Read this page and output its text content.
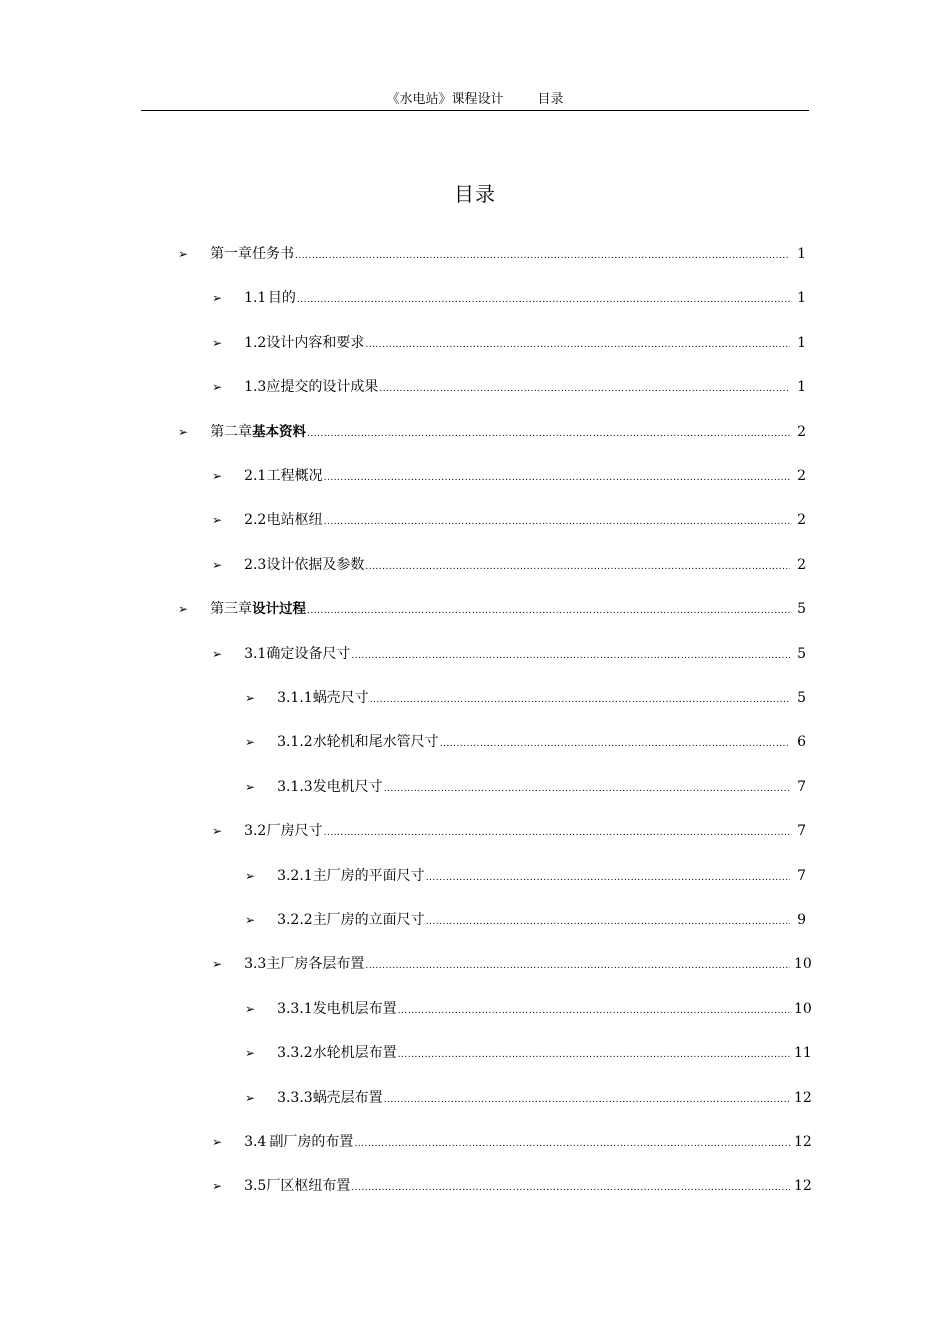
《水电站》课程设计	目录
目录
➢ 第一章 任务书 .....	1
➢ 1.1 目的 .....	1
➢ 1.2 设计内容和要求 .....	1
➢ 1.3 应提交的设计成果 .....	1
➢ 第二章 基本资料 .....	2
➢ 2.1 工程概况 .....	2
➢ 2.2 电站枢纽 .....	2
➢ 2.3 设计依据及参数 .....	2
➢ 第三章 设计过程 .....	5
➢ 3.1 确定设备尺寸 .....	5
➢ 3.1.1 蜗壳尺寸 .....	5
➢ 3.1.2 水轮机和尾水管尺寸 .....	6
➢ 3.1.3 发电机尺寸 .....	7
➢ 3.2 厂房尺寸 .....	7
➢ 3.2.1 主厂房的平面尺寸 .....	7
➢ 3.2.2 主厂房的立面尺寸 .....	9
➢ 3.3 主厂房各层布置 .....	10
➢ 3.3.1 发电机层布置 .....	10
➢ 3.3.2 水轮机层布置 .....	11
➢ 3.3.3 蜗壳层布置 .....	12
➢ 3.4 副厂房的布置 .....	12
➢ 3.5 厂区枢纽布置 .....	12
